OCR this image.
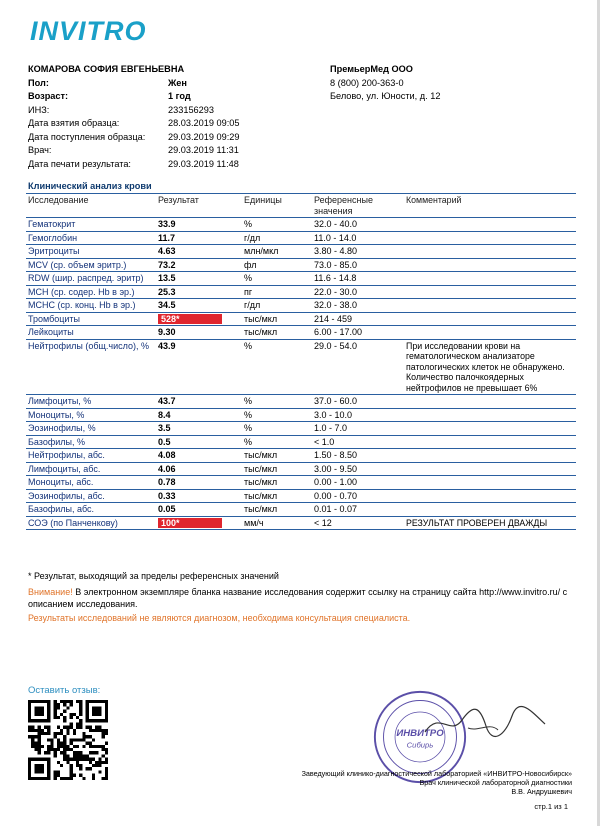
INVITRO
КОМАРОВА СОФИЯ ЕВГЕНЬЕВНА
Пол:	Жен
Возраст:	1 год
ИНЗ:	233156293
Дата взятия образца:	28.03.2019 09:05
Дата поступления образца:	29.03.2019 09:29
Врач:	29.03.2019 11:31
Дата печати результата:	29.03.2019 11:48
ПремьерМед ООО
8 (800) 200-363-0
Белово, ул. Юности, д. 12
Клинический анализ крови
Исследование	Результат	Единицы	Референсные значения	Комментарий
Гематокрит	33.9	%	32.0 - 40.0	
Гемоглобин	11.7	г/дл	11.0 - 14.0	
Эритроциты	4.63	млн/мкл	3.80 - 4.80	
MCV (ср. объем эритр.)	73.2	фл	73.0 - 85.0	
RDW (шир. распред. эритр)	13.5	%	11.6 - 14.8	
MCH (ср. содер. Hb в эр.)	25.3	пг	22.0 - 30.0	
MCHC (ср. конц. Hb в эр.)	34.5	г/дл	32.0 - 38.0	
Тромбоциты	528*	тыс/мкл	214 - 459	
Лейкоциты	9.30	тыс/мкл	6.00 - 17.00	
Нейтрофилы (общ.число), %	43.9	%	29.0 - 54.0	При исследовании крови на гематологическом анализаторе патологических клеток не обнаружено. Количество палочкоядерных нейтрофилов не превышает 6%
Лимфоциты, %	43.7	%	37.0 - 60.0	
Моноциты, %	8.4	%	3.0 - 10.0	
Эозинофилы, %	3.5	%	1.0 - 7.0	
Базофилы, %	0.5	%	< 1.0	
Нейтрофилы, абс.	4.08	тыс/мкл	1.50 - 8.50	
Лимфоциты, абс.	4.06	тыс/мкл	3.00 - 9.50	
Моноциты, абс.	0.78	тыс/мкл	0.00 - 1.00	
Эозинофилы, абс.	0.33	тыс/мкл	0.00 - 0.70	
Базофилы, абс.	0.05	тыс/мкл	0.01 - 0.07	
СОЭ (по Панченкову)	100*	мм/ч	< 12	РЕЗУЛЬТАТ ПРОВЕРЕН ДВАЖДЫ
* Результат, выходящий за пределы референсных значений
Внимание! В электронном экземпляре бланка название исследования содержит ссылку на страницу сайта http://www.invitro.ru/ с описанием исследования.
Результаты исследований не являются диагнозом, необходима консультация специалиста.
Оставить отзыв:
ИНВИТРО
Сибирь
Заведующий клинико-диагностической лабораторией «ИНВИТРО-Новосибирск»
Врач клинической лабораторной диагностики
В.В. Андрушкевич
стр.1 из 1
